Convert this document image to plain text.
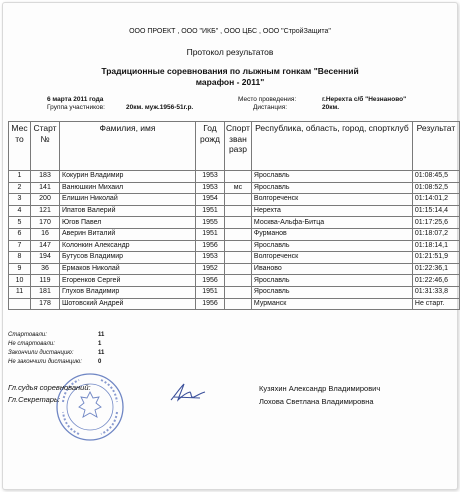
ООО ПРОЕКТ , ООО "ИКБ" , ООО ЦБС , ООО "СтройЗащита"
Протокол результатов
Традиционные соревнования по лыжным гонкам "Весенний
марафон - 2011"
6 марта 2011 года
Группа участников:	20км. муж.1956-51г.р.
Место проведения:	г.Нерехта с/б "Незнаново"
Дистанция:	20км.
Мес то	Старт №	Фамилия, имя	Год рожд	Спорт зван разр	Республика, область, город, спортклуб	Результат
1	183	Кокурин Владимир	1953		Ярославль	01:08:45,5
2	141	Ванюшкин Михаил	1953	мс	Ярославль	01:08:52,5
3	200	Елишин Николай	1954		Волгореченск	01:14:01,2
4	121	Ипатов Валерий	1951		Нерехта	01:15:14,4
5	170	Югов Павел	1955		Москва-Альфа-Битца	01:17:25,6
6	16	Аверин Виталий	1951		Фурманов	01:18:07,2
7	147	Колонкин Александр	1956		Ярославль	01:18:14,1
8	194	Бутусов Владимир	1953		Волгореченск	01:21:51,9
9	36	Ермаков Николай	1952		Иваново	01:22:36,1
10	119	Егоренков Сергей	1956		Ярославль	01:22:46,6
11	181	Глухов Владимир	1951		Ярославль	01:31:33,8
	178	Шотовский Андрей	1956		Мурманск	Не старт.
Стартовали:	11
Не стартовали:	1
Закончили дистанцию:	11
Не закончили дистанцию:	0
Гл.судья соревнований:
Гл.Секретарь:
Кузяхин Александр Владимирович
Лохова Светлана Владимировна
